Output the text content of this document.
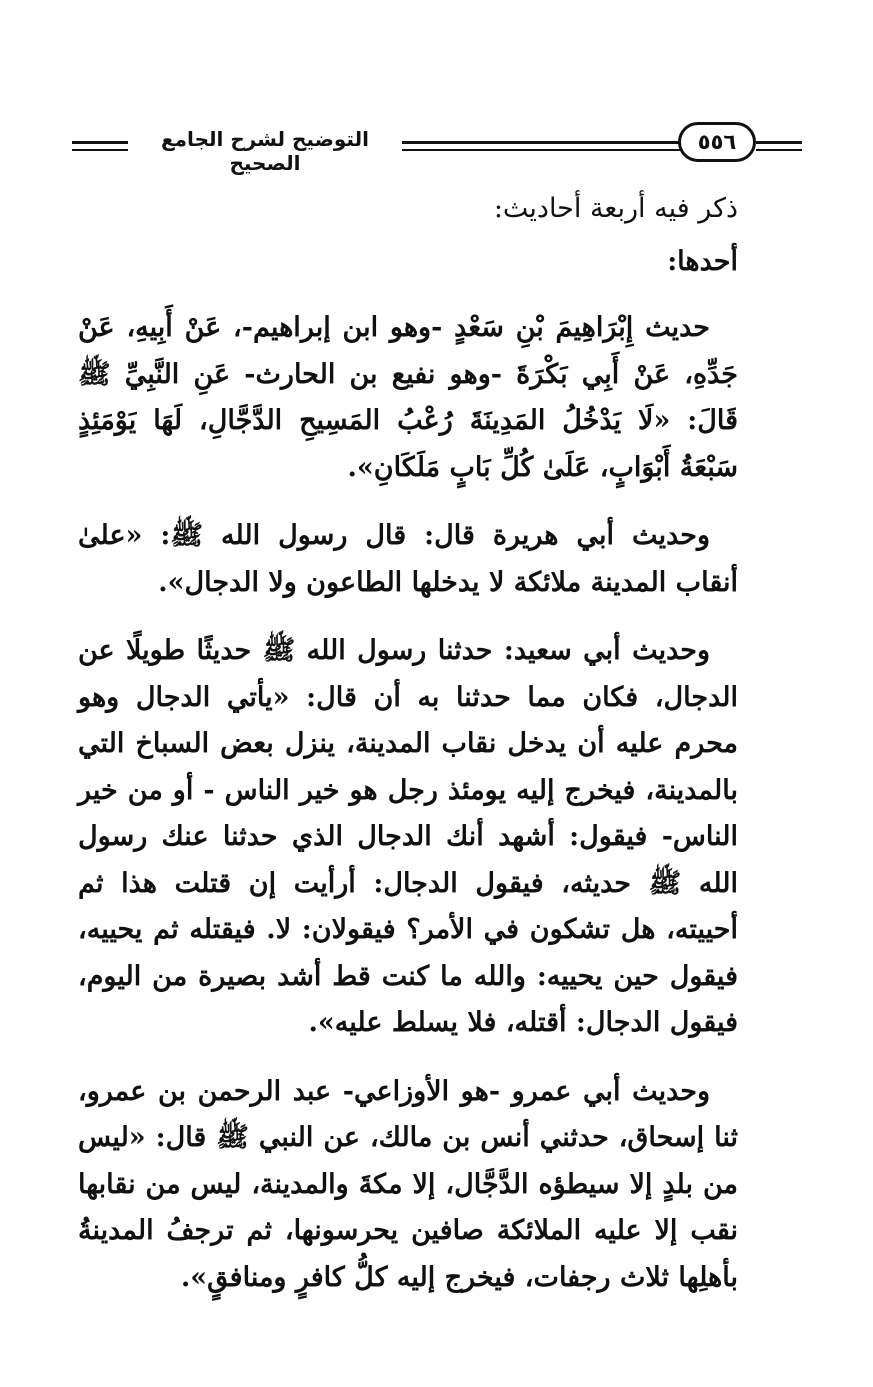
التوضيح لشرح الجامع الصحيح
٥٥٦

ذكر فيه أربعة أحاديث:

أحدها:

حديث إِبْرَاهِيمَ بْنِ سَعْدٍ -وهو ابن إبراهيم-، عَنْ أَبِيهِ، عَنْ جَدِّهِ، عَنْ أَبِي بَكْرَةَ -وهو نفيع بن الحارث- عَنِ النَّبِيِّ ﷺ قَالَ: «لَا يَدْخُلُ المَدِينَةَ رُعْبُ المَسِيحِ الدَّجَّالِ، لَهَا يَوْمَئِذٍ سَبْعَةُ أَبْوَابٍ، عَلَىٰ كُلِّ بَابٍ مَلَكَانِ».

وحديث أبي هريرة قال: قال رسول الله ﷺ: «علىٰ أنقاب المدينة ملائكة لا يدخلها الطاعون ولا الدجال».

وحديث أبي سعيد: حدثنا رسول الله ﷺ حديثًا طويلًا عن الدجال، فكان مما حدثنا به أن قال: «يأتي الدجال وهو محرم عليه أن يدخل نقاب المدينة، ينزل بعض السباخ التي بالمدينة، فيخرج إليه يومئذ رجل هو خير الناس - أو من خير الناس- فيقول: أشهد أنك الدجال الذي حدثنا عنك رسول الله ﷺ حديثه، فيقول الدجال: أرأيت إن قتلت هذا ثم أحييته، هل تشكون في الأمر؟ فيقولان: لا. فيقتله ثم يحييه، فيقول حين يحييه: والله ما كنت قط أشد بصيرة من اليوم، فيقول الدجال: أقتله، فلا يسلط عليه».

وحديث أبي عمرو -هو الأوزاعي- عبد الرحمن بن عمرو، ثنا إسحاق، حدثني أنس بن مالك، عن النبي ﷺ قال: «ليس من بلدٍ إلا سيطؤه الدَّجَّال، إلا مكةَ والمدينة، ليس من نقابها نقب إلا عليه الملائكة صافين يحرسونها، ثم ترجفُ المدينةُ بأهلِها ثلاث رجفات، فيخرج إليه كلُّ كافرٍ ومنافقٍ».
